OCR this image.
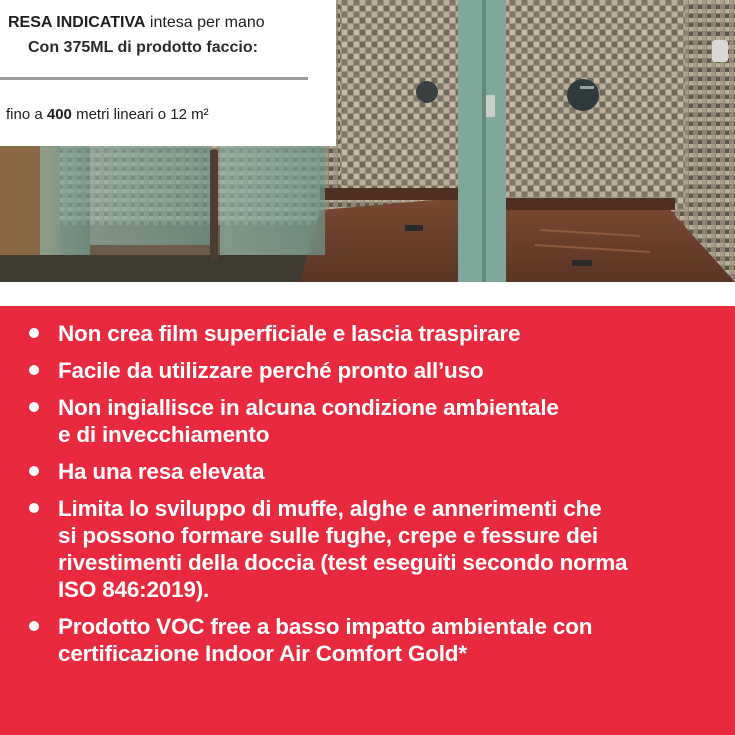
RESA INDICATIVA intesa per mano
Con 375ML di prodotto faccio:
fino a 400 metri lineari o 12 m²
Non crea film superficiale e lascia traspirare
Facile da utilizzare perché pronto all’uso
Non ingiallisce in alcuna condizione ambientale
e di invecchiamento
Ha una resa elevata
Limita lo sviluppo di muffe, alghe e annerimenti che
si possono formare sulle fughe, crepe e fessure dei
rivestimenti della doccia (test eseguiti secondo norma
ISO 846:2019).
Prodotto VOC free a basso impatto ambientale con
certificazione Indoor Air Comfort Gold*
